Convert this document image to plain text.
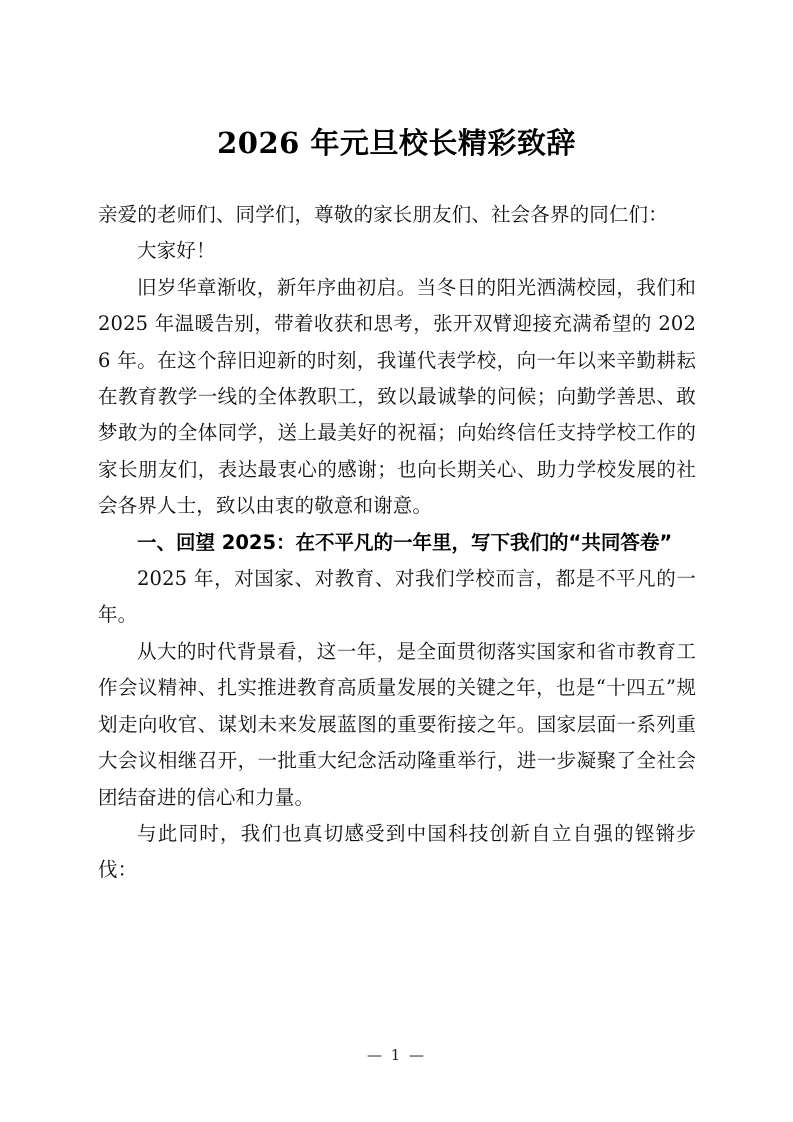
2026 年元旦校长精彩致辞

亲爱的老师们、同学们，尊敬的家长朋友们、社会各界的同仁们：

大家好！

旧岁华章渐收，新年序曲初启。当冬日的阳光洒满校园，我们和 2025 年温暖告别，带着收获和思考，张开双臂迎接充满希望的 2026 年。在这个辞旧迎新的时刻，我谨代表学校，向一年以来辛勤耕耘在教育教学一线的全体教职工，致以最诚挚的问候；向勤学善思、敢梦敢为的全体同学，送上最美好的祝福；向始终信任支持学校工作的家长朋友们，表达最衷心的感谢；也向长期关心、助力学校发展的社会各界人士，致以由衷的敬意和谢意。

一、回望 2025：在不平凡的一年里，写下我们的“共同答卷”

2025 年，对国家、对教育、对我们学校而言，都是不平凡的一年。

从大的时代背景看，这一年，是全面贯彻落实国家和省市教育工作会议精神、扎实推进教育高质量发展的关键之年，也是“十四五”规划走向收官、谋划未来发展蓝图的重要衔接之年。国家层面一系列重大会议相继召开，一批重大纪念活动隆重举行，进一步凝聚了全社会团结奋进的信心和力量。

与此同时，我们也真切感受到中国科技创新自立自强的铿锵步伐：

— 1 —
